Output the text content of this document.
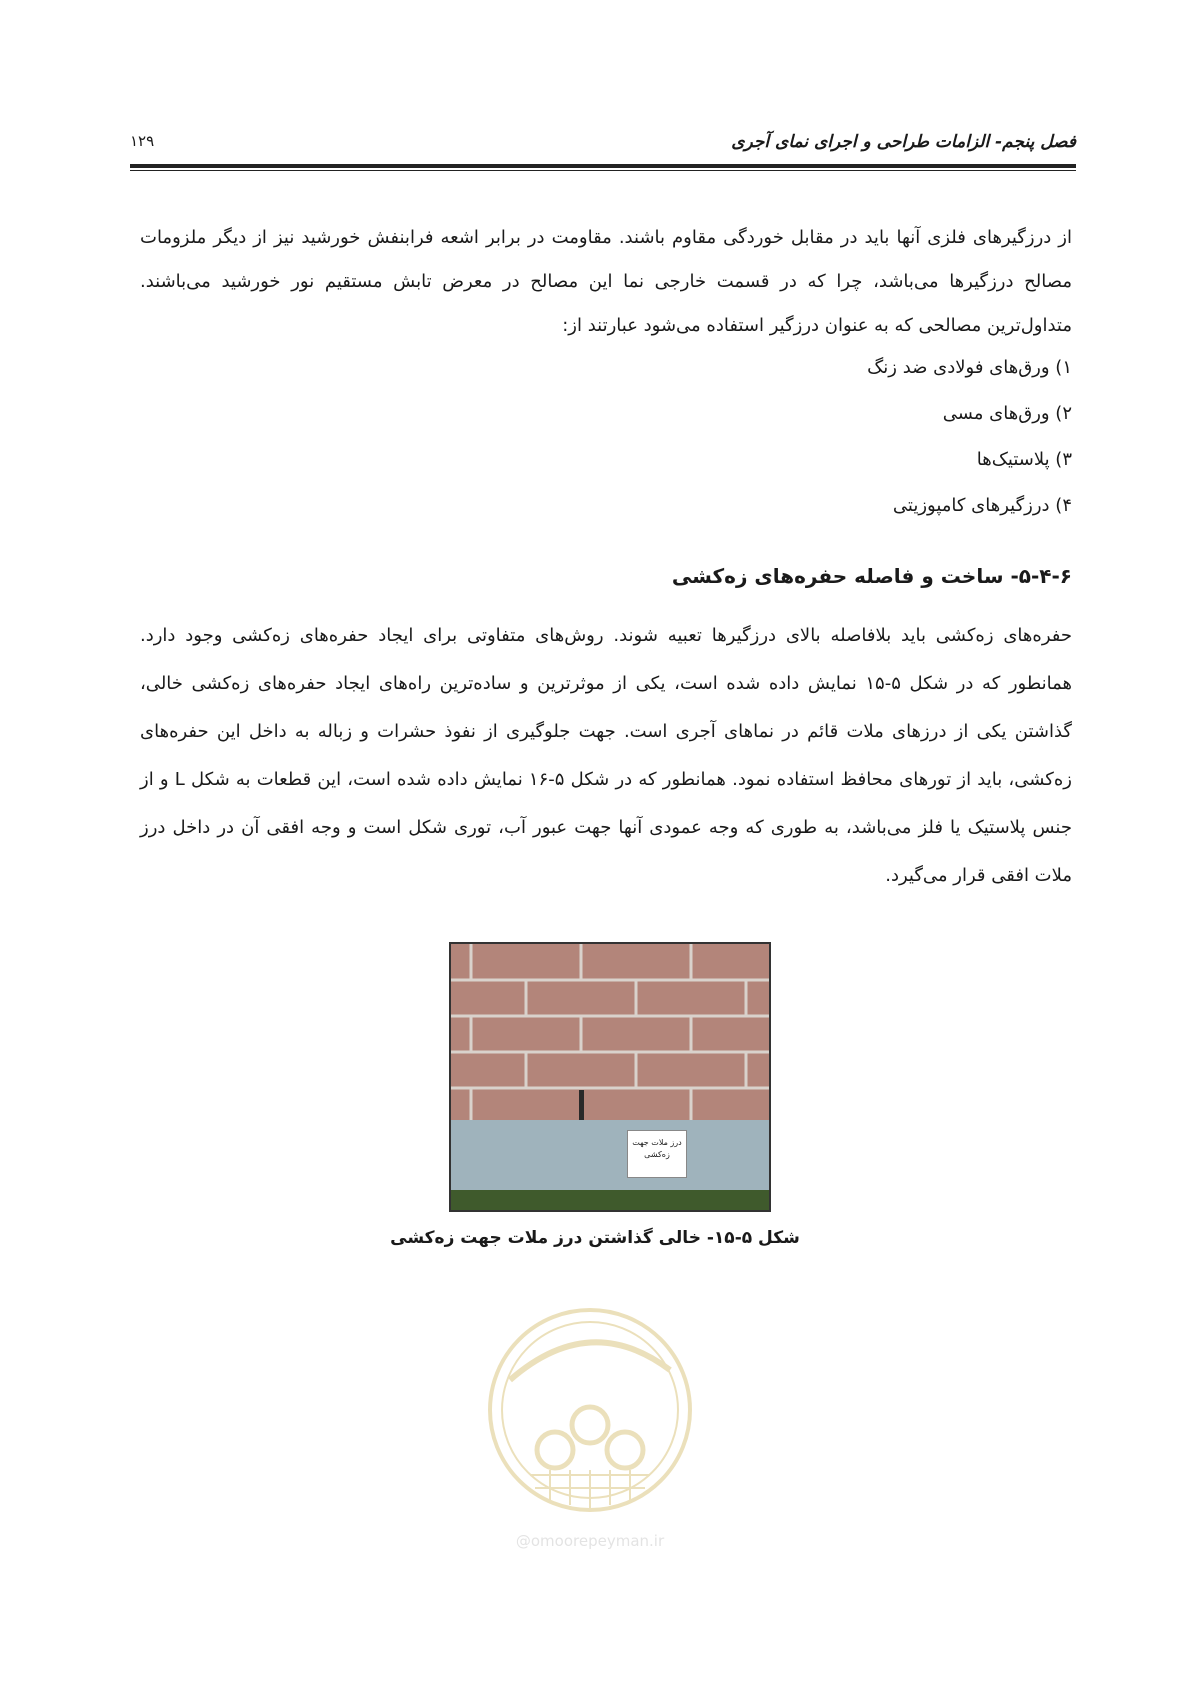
فصل پنجم- الزامات طراحی و اجرای نمای آجری
۱۲۹
از درزگیرهای فلزی آنها باید در مقابل خوردگی مقاوم باشند. مقاومت در برابر اشعه فرابنفش خورشید نیز از دیگر ملزومات مصالح درزگیرها می‌باشد، چرا که در قسمت خارجی نما این مصالح در معرض تابش مستقیم نور خورشید می‌باشند. متداول‌ترین مصالحی که به عنوان درزگیر استفاده می‌شود عبارتند از:
۱) ورق‌های فولادی ضد زنگ
۲) ورق‌های مسی
۳) پلاستیک‌ها
۴) درزگیرهای کامپوزیتی
۵-۴-۶- ساخت و فاصله حفره‌های زه‌کشی
حفره‌های زه‌کشی باید بلافاصله بالای درزگیرها تعبیه شوند. روش‌های متفاوتی برای ایجاد حفره‌های زه‌کشی وجود دارد. همانطور که در شکل ۵-۱۵ نمایش داده شده است، یکی از موثرترین و ساده‌ترین راه‌های ایجاد حفره‌های زه‌کشی خالی، گذاشتن یکی از درزهای ملات قائم در نماهای آجری است. جهت جلوگیری از نفوذ حشرات و زباله به داخل این حفره‌های زه‌کشی، باید از تورهای محافظ استفاده نمود. همانطور که در شکل ۵-۱۶ نمایش داده شده است، این قطعات به شکل L و از جنس پلاستیک یا فلز می‌باشد، به طوری که وجه عمودی آنها جهت عبور آب، توری شکل است و وجه افقی آن در داخل درز ملات افقی قرار می‌گیرد.
درز ملات جهت زه‌کشی
شکل ۵-۱۵- خالی گذاشتن درز ملات جهت زه‌کشی
@omoorepeyman.ir
